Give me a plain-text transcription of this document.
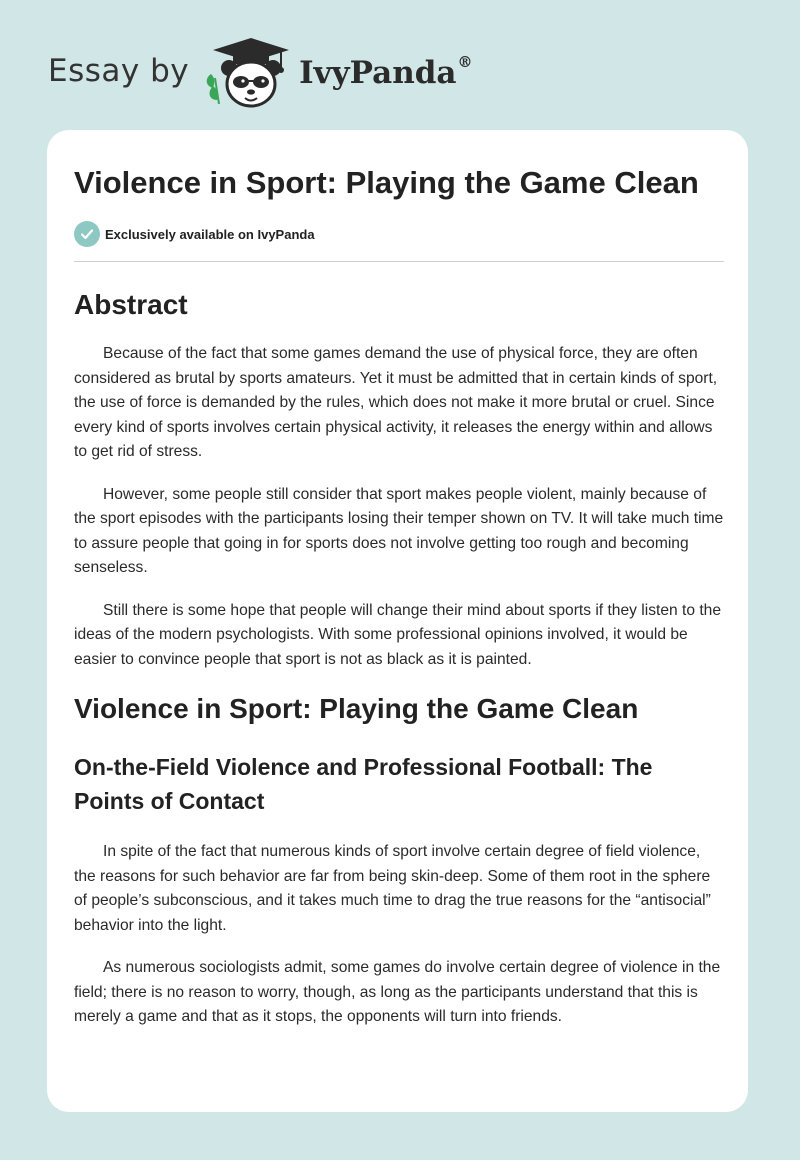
Essay by	IvyPanda®
Violence in Sport: Playing the Game Clean
Exclusively available on IvyPanda
Abstract

Because of the fact that some games demand the use of physical force, they are often considered as brutal by sports amateurs. Yet it must be admitted that in certain kinds of sport, the use of force is demanded by the rules, which does not make it more brutal or cruel. Since every kind of sports involves certain physical activity, it releases the energy within and allows to get rid of stress.

However, some people still consider that sport makes people violent, mainly because of the sport episodes with the participants losing their temper shown on TV. It will take much time to assure people that going in for sports does not involve getting too rough and becoming senseless.

Still there is some hope that people will change their mind about sports if they listen to the ideas of the modern psychologists. With some professional opinions involved, it would be easier to convince people that sport is not as black as it is painted.

Violence in Sport: Playing the Game Clean
On-the-Field Violence and Professional Football: The Points of Contact

In spite of the fact that numerous kinds of sport involve certain degree of field violence, the reasons for such behavior are far from being skin-deep. Some of them root in the sphere of people’s subconscious, and it takes much time to drag the true reasons for the “antisocial” behavior into the light.

As numerous sociologists admit, some games do involve certain degree of violence in the field; there is no reason to worry, though, as long as the participants understand that this is merely a game and that as it stops, the opponents will turn into friends.
